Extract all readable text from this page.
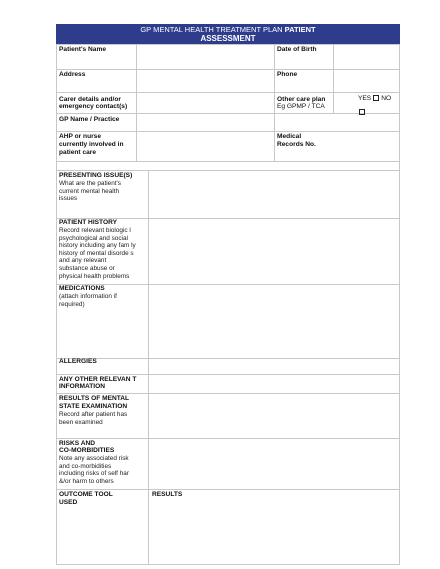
GP MENTAL HEALTH TREATMENT PLAN PATIENT
ASSESSMENT
Patient's Name	Date of Birth
Address	Phone
Carer details and/or
emergency contact(s)
Other care plan
Eg GPMP / TCA
YES NO
GP Name / Practice
AHP or nurse
currently involved in
patient care
Medical
Records No.
PRESENTING ISSUE(S)
What are the patient's
current mental health
issues
PATIENT HISTORY
Record relevant biologic l
psychological and social
history including any fam ly
history of mental disorde s
and any relevant
substance abuse or
physical health problems
MEDICATIONS
(attach information if
required)
ALLERGIES
ANY OTHER RELEVAN T
INFORMATION
RESULTS OF MENTAL
STATE EXAMINATION
Record after patient has
been examined
RISKS AND
CO-MORBIDITIES
Note any associated risk
and co-morbidities
including risks of self har
&/or harm to others
OUTCOME TOOL
USED
RESULTS
